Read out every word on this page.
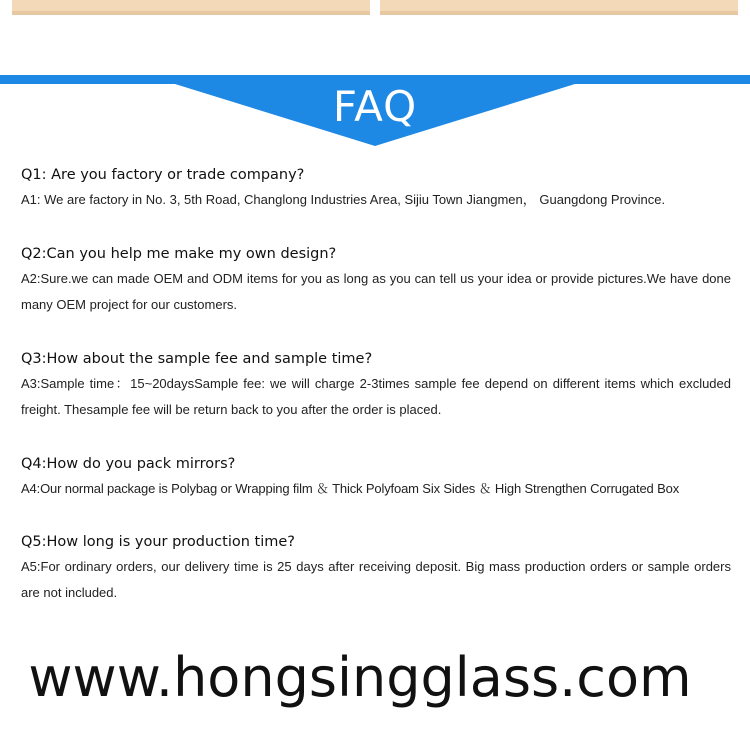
FAQ
Q1: Are you factory or trade company?
A1: We are factory in No. 3, 5th Road, Changlong Industries Area, Sijiu Town Jiangmen， Guangdong Province.
Q2:Can you help me make my own design?
A2:Sure.we can made OEM and ODM items for you as long as you can tell us your idea or provide pictures.We have done many OEM project for our customers.
Q3:How about the sample fee and sample time?
A3:Sample time：15~20daysSample fee: we will charge 2-3times sample fee depend on different items which excluded freight. Thesample fee will be return back to you after the order is placed.
Q4:How do you pack mirrors?
A4:Our normal package is Polybag or Wrapping film ＆ Thick Polyfoam Six Sides ＆ High Strengthen Corrugated Box
Q5:How long is your production time?
A5:For ordinary orders, our delivery time is 25 days after receiving deposit. Big mass production orders or sample orders are not included.
www.hongsingglass.com
